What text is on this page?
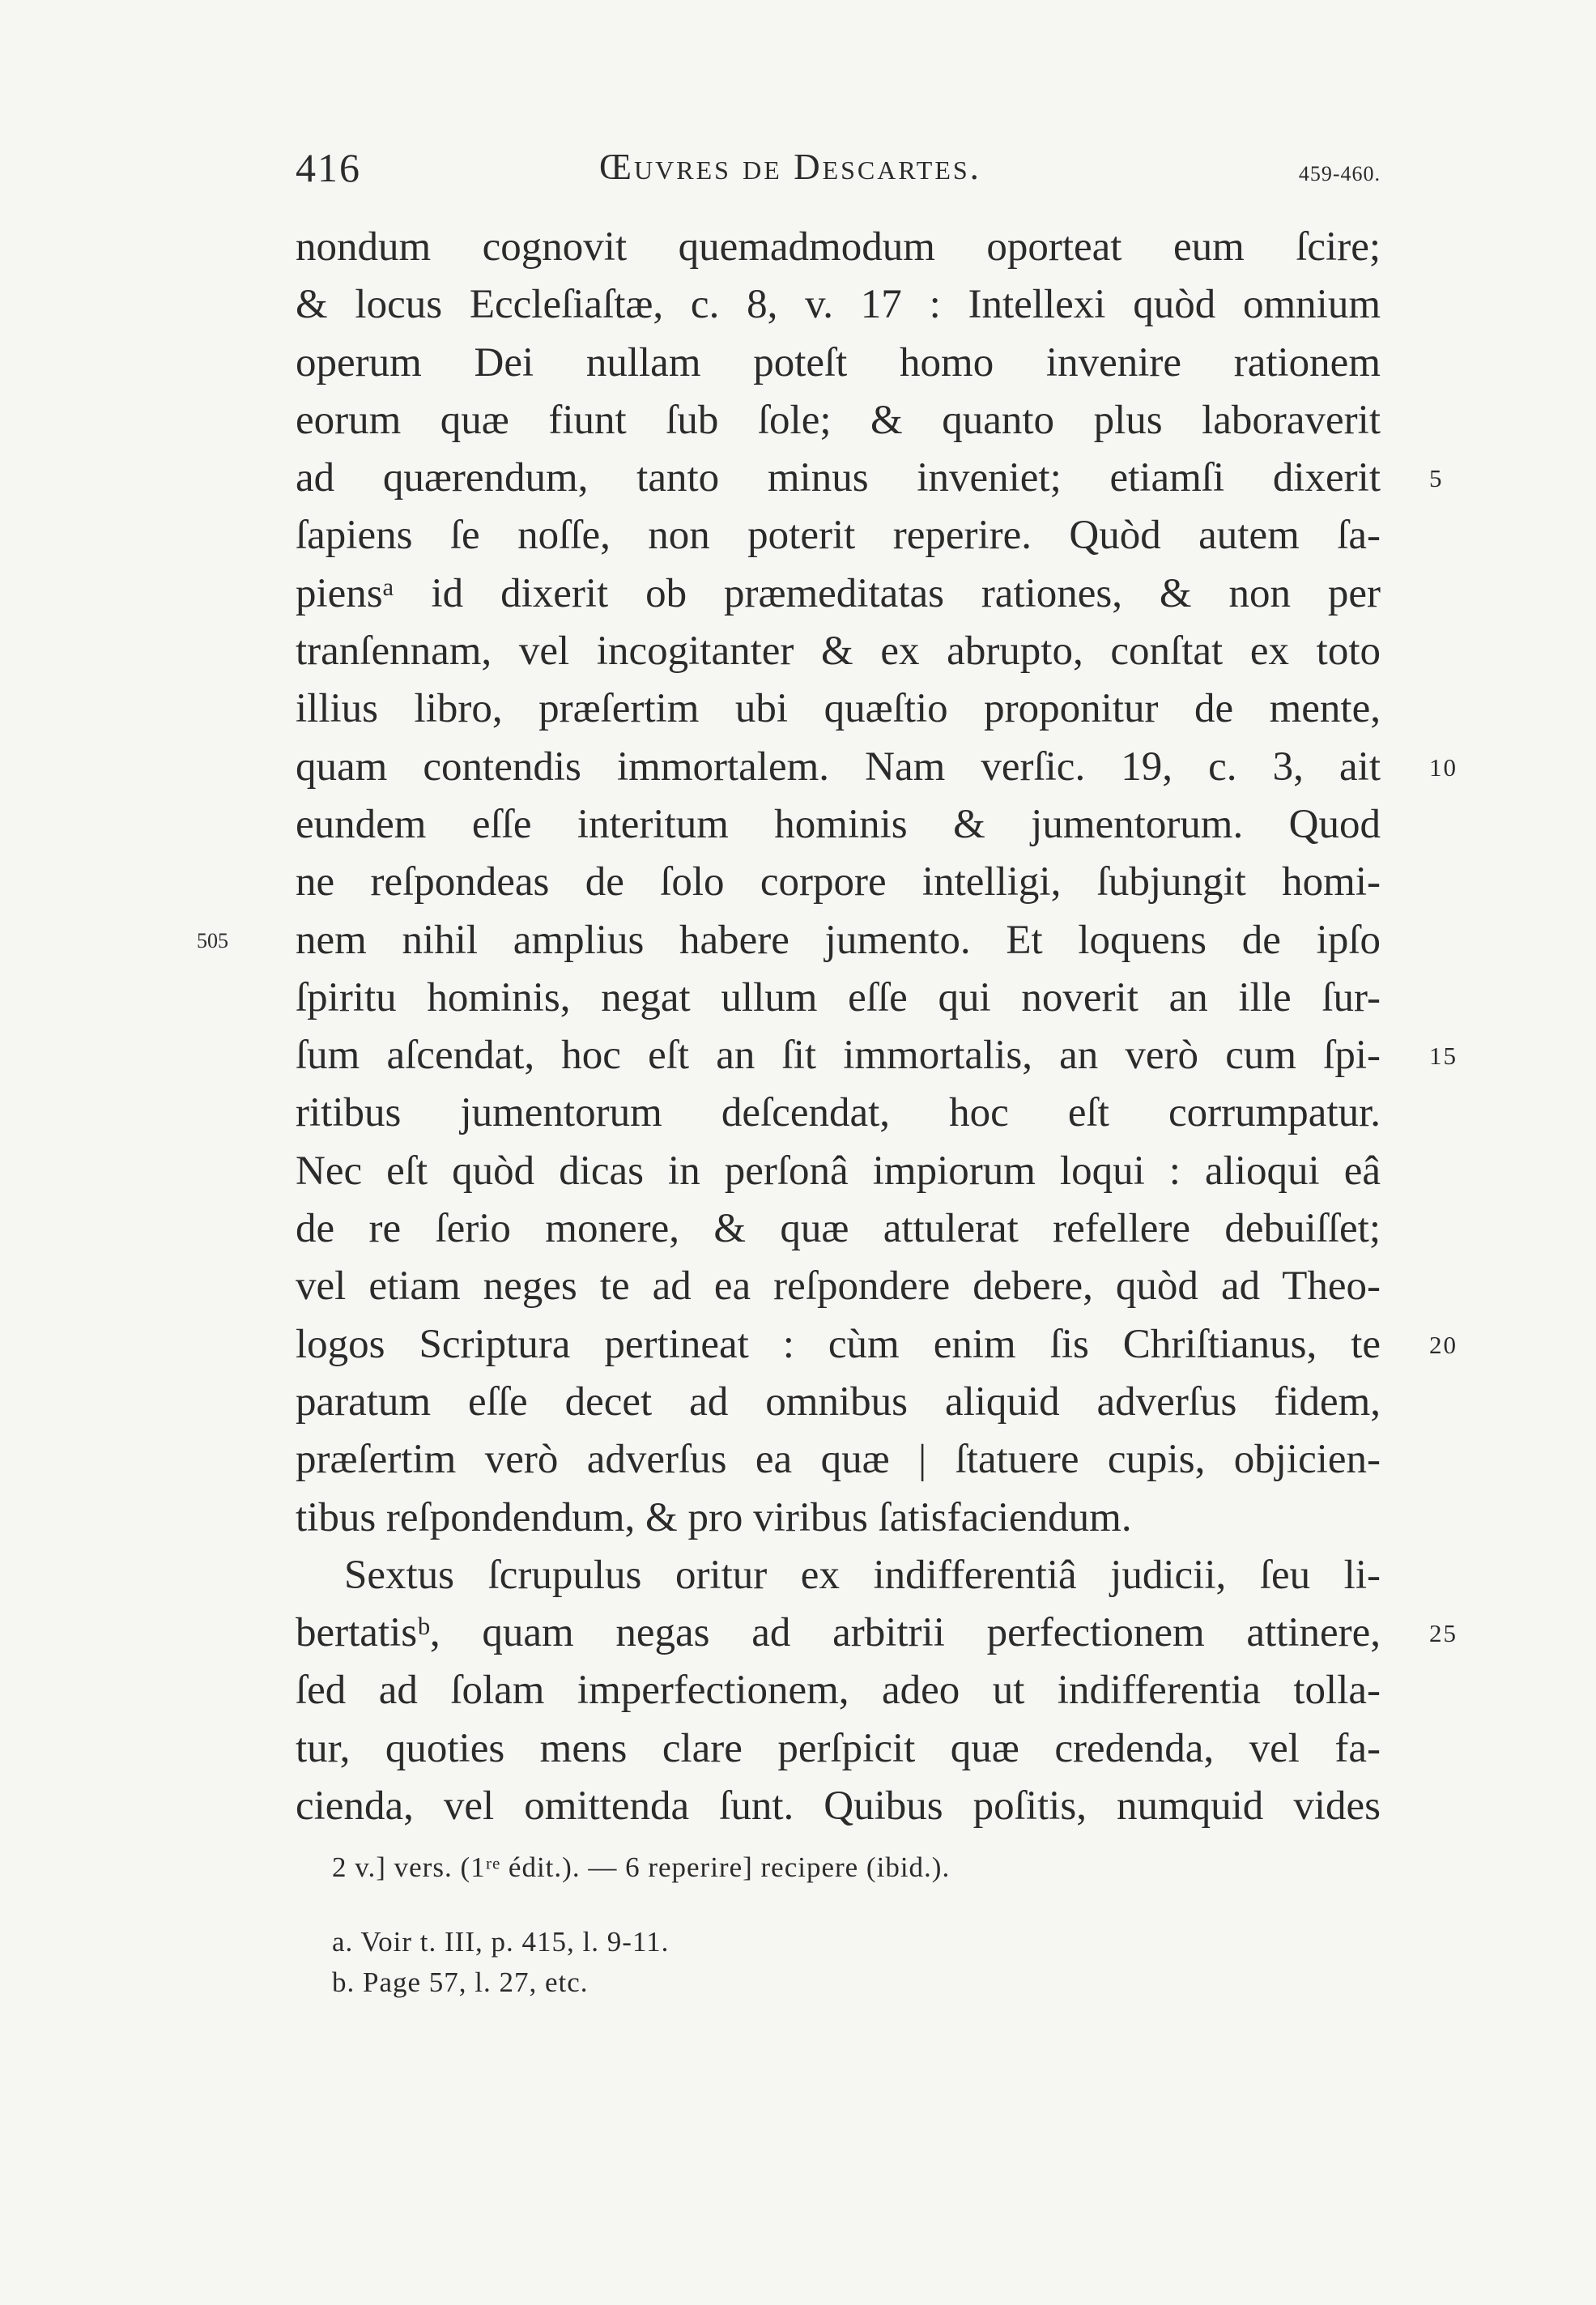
416	Œuvres de Descartes.	459-460.
nondum cognovit quemadmodum oporteat eum ſcire;
& locus Eccleſiaſtæ, c. 8, v. 17 : Intellexi quòd omnium
operum Dei nullam poteſt homo invenire rationem
eorum quæ fiunt ſub ſole; & quanto plus laboraverit
ad quærendum, tanto minus inveniet; etiamſi dixerit 5
ſapiens ſe noſſe, non poterit reperire. Quòd autem ſa-
piensᵃ id dixerit ob præmeditatas rationes, & non per
tranſennam, vel incogitanter & ex abrupto, conſtat ex toto
illius libro, præſertim ubi quæſtio proponitur de mente,
quam contendis immortalem. Nam verſic. 19, c. 3, ait 10
eundem eſſe interitum hominis & jumentorum. Quod
ne reſpondeas de ſolo corpore intelligi, ſubjungit homi-
505 nem nihil amplius habere jumento. Et loquens de ipſo
ſpiritu hominis, negat ullum eſſe qui noverit an ille ſur-
ſum aſcendat, hoc eſt an ſit immortalis, an verò cum ſpi- 15
ritibus jumentorum deſcendat, hoc eſt corrumpatur.
Nec eſt quòd dicas in perſonâ impiorum loqui : alioqui eâ
de re ſerio monere, & quæ attulerat refellere debuiſſet;
vel etiam neges te ad ea reſpondere debere, quòd ad Theo-
logos Scriptura pertineat : cùm enim ſis Chriſtianus, te 20
paratum eſſe decet ad omnibus aliquid adverſus fidem,
præſertim verò adverſus ea quæ | ſtatuere cupis, objicien-
tibus reſpondendum, & pro viribus ſatisfaciendum.
Sextus ſcrupulus oritur ex indifferentiâ judicii, ſeu li-
bertatisᵇ, quam negas ad arbitrii perfectionem attinere, 25
ſed ad ſolam imperfectionem, adeo ut indifferentia tolla-
tur, quoties mens clare perſpicit quæ credenda, vel fa-
cienda, vel omittenda ſunt. Quibus poſitis, numquid vides
2 v.] vers. (1ʳᵉ édit.). — 6 reperire] recipere (ibid.).
a. Voir t. III, p. 415, l. 9-11.
b. Page 57, l. 27, etc.
